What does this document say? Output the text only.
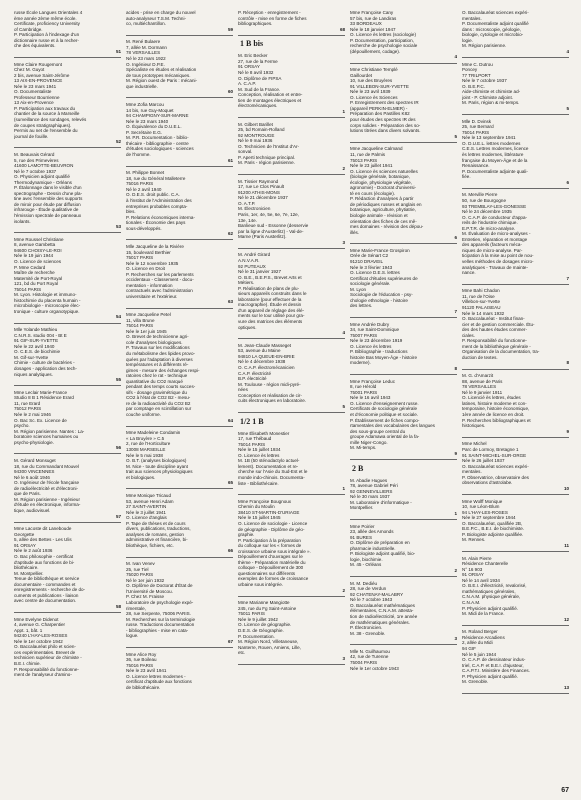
russe École Langues Orientales 4
ème année 2ème même école.
Certificate, proficiency University
of Cambridge.
P. Participation à l'indexage d'un
dictionnaire russe et à la recher-
che des équivalents.
51
Mme Claire Rougemont
Chez M. Guyot
2 bis, avenue Saint-Jérôme
13 AIX-EN-PROVENCE
Née le 23 mars 1941
O. Documentaliste
Professeur Bourrienne
13 Aix-en-Provence
P. Participation aux travaux du
chantier de la source à Marseille
(surveillance des sondages, relevés
de coupes stratigraphiques).
Permis au net de l'ensemble du
journal de fouille.
52
M. Beauvais Gérard
5, rue des Primevères
41600 LAMOTTE-BEUVRON
Né le 7 octobre 1937
O. Physicien adjoint qualifié
Thermodynamique - Orléans
P. Étalonnage dans le visible d'un
spectrographe - Dessin d'une pla-
tine avec l'ensemble des supports
de miroir pour étude par diffusion
infrarouge - Étude qualitative de
l'émission spectrale de panneaux
isolants.
53
Mme Roussel Christiane
8, avenue Gambetta
94600 CHOISY-LE-ROI
Née le 19 juin 1944
O. Licence de sciences
P. Mme Cedard
Maître de recherche
Maternité de Port-Royal
121, bd du Port Royal
75014 PARIS
M. Lyon. Histologie et immuno-
histochimie du placenta humain -
microbiologie - microscopie élec-
tronique - culture organotypique.
54
Mlle Yolande Mathieu
C.N.R.S. studio 004 - Bt E
91 GIF-SUR-YVETTE
Née le 22 avril 1940
O. C.E.S. de biochimie
M. Gif-sur-Yvette
Chimie - culture de bactéries -
dosages - application des tech-
niques analytiques.
55
Mme Leclair Marie-France
Studio 8 B 1 Résidence Erard
11, rue Erard
75012 PARIS
Née le 2 mai 1946
O. Bac Sc. Ex. Licence de
psycho.
M. Région parisienne. Nantes : La-
boratoire sciences humaines ou
psycho-physiologie.
56
M. Gérard Monsuget
18, rue du Commandant Mouvel
94300 VINCENNES
Né le 6 août 1946
O. Ingénieur de l'école française
de radioélectricité et d'électroni-
que de Paris.
M. Région parisienne - Ingénieur
d'étude en électronique, informa-
tique, audiovisuel.
57
Mme Lacoste dit Laneboude
Georgette
5, allée des Bettes - Les Ulis
91 ORSAY
Née le 2 août 1936
O. Bac philosophie - certificat
d'aptitude aux fonctions de bi-
bliothécaire.
M. Montpellier.
Tenue de bibliothèque et service
documentaire - commandes et
enregistrements - recherche de do-
cuments et publications - liaison
avec centre de documentation.
58
Mme Evelyne Didenot
4, avenue G. Charpentier
Appt. 1, bât. 1
94240 L'HAY-LES-ROSES
Née le 1er octobre 1942
O. Baccalauréat philo et scien-
ces expérimentales. Brevet de
technicien supérieur de chimiste -
B.E.I. chimie.
P. Responsabilité du fonctionne-
ment de l'analyseur d'amino-
acides - prise en charge du nouvel
auto-analyseur T.S.M. Techni-
co, multiéchantillon.
59
M. René Bulaere
7, allée M. Dormann
78 VERSAILLES
Né le 23 mars 1922
O. Ingénieur D.P.E.
Spécialiste en études et réalisation
de tous prototypes mécaniques.
M. Région ouest de Paris : mécani-
que industrielle.
60
Mme Zofia Marcou
14 bis, rue Guy-Moquet
94 CHAMPIGNY-SUR-MARNE
Née le 23 mars 1940
O. Équivalence du D.U.E.L.
P. Secrétaire E.G.
M. P.R. Documentation - biblio-
thécaire - bibliographie - centre
d'études sociologiques - sciences
de l'homme.
61
M. Philippe Bonnet
18, rue du Général Malleterre
75016 PARIS
Né le 2 avril 1940
O. D.E.S. droit public. C.A.
à l'institut de l'Administration des
entreprises probables compta-
bles.
P. Relations économiques interna-
tionales - Économie des pays
sous-développés.
62
Mlle Jacqueline de la Rivière
15, boulevard Berthier
75017 PARIS
Née le 12 novembre 1935
O. Licence en Droit
P. Recherches sur les parlements
occidentaux - Classement - docu-
mentation - information
contractuels avec l'administration
universitaire et l'extérieur.
63
Mme Jacqueline Petel
11, villa Brune
75014 PARIS
Née le 1er juin 1945
O. Brevet de technicienne agri-
cole d'analyses biologiques.
P. Travaux sur les modifications
du métabolisme des lipides provo-
quées par l'adaptation à diverses
températures et à différents ré-
gimes - mesure des échanges respi-
ratoires chez le rat - technique
quantitative du CO2 marqué
pendant des temps courts succes-
sifs - dosage gravimétrique du
CO2 à l'état de CO2 B2 - mesu-
re de la radioactivité du CO2 B2
par comptage en scintillation sur
couche uniforme.
64
Mme Madeleine Condamin
« La Bruyère » C.5
2, rue de l'Horticulture
13008 MARSEILLE
Née le 5 mai 1938
O. B.T. (analyses biologiques)
M. Nice - toute discipline ayant
trait aux sciences physiologiques
et biologiques.
65
Mme Monique Tricaud
53, avenue Henri Adam
27 SAINT-AVERTIN
Née le 3 juillet 1941
O. Licence d'anglais
P. Tape de thèses et de cours
divers, publications, traductions,
analyses de romans, gestion
administrative et financière, bi-
bliothèque, fichiers, etc.
66
M. Ivan Venev
25, rue Tiel
75020 PARIS
Né le 1er juin 1932
O. Diplôme de Doctorat d'État de
l'Université de Moscou.
P. Chez M. Fraisse
Laboratoire de psychologie expé-
rimentale,
28, rue Serpente, 75006 PARIS.
M. Recherches sur la terminologie
russe. Traductions documentation
- bibliographies - mise en cata-
logue.
67
Mme Alice Roy
36, rue Boileau
75016 PARIS
Née le 23 avril 1941
O. Licence lettres modernes -
certificat d'aptitude aux fonctions
de bibliothécaire.
P. Réception - enregistrement -
contrôle - mise en forme de fiches
bibliographiques.
68
1 B bis
M. Eric Becker
27, rue de la Ferme
91 ORSAY
Né le 8 avril 1932
O. Diplôme de FIPSA
A. C.A.P.
M. Sud de la France.
Conception, réalisation et entre-
tien de montages électriques et
électromécaniques.
1
M. Gilbert Barillet
25, bd Romain-Rolland
92 MONTROUGE
Né le 9 mai 1936
O. Technicien de l'Institut d'Ar-
sonval.
P. Aperti technique principal.
M. Paris - région parisienne.
2
M. Tissier Raymond
17, rue Le Clos Pinault
91200 ATHIS-MONS
Né le 21 décembre 1937
O. A.T.P.
M. Électronicien
Paris, 1er, 4e, 5e, 6e, 7e, 12e,
13e, 14e.
Banlieue sud - Essonne (desservie
par la ligne d'Austerlitz) - Val-de-
Marne (Paris Austerlitz).
3
M. André Girard
A.N.V.A.R.
92 PUTEAUX
Né le 31 janvier 1927
O. B.E., B.E.P.S., Brevet Arts et
Métiers.
P. Réalisation de plans de plu-
sieurs appareils construits dans le
laboratoire (pour effectuer de la
macrographie). Étude et dessin
d'un appareil de réglage des élé-
ments sur le tour utilisé pour gra-
vure des matrices des éléments
optiques.
4
M. Jean-Claude Masseget
53, avenue du Maine
94810 LA QUEUE-EN-BRIE
Né le 4 décembre 1938
O. C.A.P. électromécanicien
C.A.P. électricité
B.P. électricité
M. Toulouse - région midi-pyré-
nées
Conception et réalisation de cir-
cuits électroniques en laboratoire.
5
1/2 1 B
Mme Élisabeth Monestier
17, rue Thébaud
75014 PARIS
Née le 15 juillet 1934
O. Licence ès lettres
M. 1B (50 sténodactylo actuel-
lement). Documentation et re-
cherche sur l'Asie du Sud-Est et le
monde indo-chinois. Documenta-
liste - Bibliothécaire.
1
Mme Françoise Bougnoux
Chemin du Moulin
38410 ST-MARTIN-D'URIAGE
Née le 15 juillet 1945
O. Licence de sociologie - Licence
de géographie - Diplôme de géo-
graphie.
P. Participation à la préparation
du colloque sur les « formes de
croissance urbaine sous intégrale ».
Dépouillement d'ouvrages sur le
thème - Préparation matérielle du
colloque - Dépouillement de 300
questionnaires sur différents
exemples de formes de croissance
urbaine sous intégrée.
2
Mme Marianne Mangiotte
245, rue du Fg Saint-Antoine
75011 PARIS
Née le 9 juillet 1942
O. Licence de géographie.
D.E.S. de Géographie.
P. Documentation.
M. Région Nord, Villetaneuse,
Nanterre, Rouen, Amiens, Lille,
etc.
3
Mme Françoise Cany
57 bis, rue de Landiras
33 BORDEAUX
Née le 18 janvier 1947
O. Licence ès lettres (sociologie)
P. Documentation, participation,
recherche de psychologie sociale
(dépouillement, codage).
4
Mme Christiane Templé
Gaillourdet
10, rue des Bruyères
91 VILLEBON-SUR-YVETTE
Née le 23 avril 1939
O. Licence ès Sciences
P. Enregistrement des spectres IR
(appareil PERKIN-ELMER) -
Préparation des Pastilles K82
pour études des spectres IR des
corps solides - Préparation des so-
lutions titrées dans divers solvants.
5
Mme Jacqueline Calmand
11, rue de Palmis
75013 PARIS
Née le 23 juillet 1941
O. Licence ès sciences naturelles
(biologie générale, botanique,
écologie, physiologie végétale,
agronomie) - Doctorat d'universi-
té en cours (écologie).
P. Rédaction d'analyses à partir
de périodiques russes et anglais en
botanique, agriculture, phytiatrie,
biologie animale - révision et
orientation des fiches de ces mê-
mes domaines - révision des dépou-
illés.
6
Mme Marie-France Grospiron
Orée de Sénart C2
91210 DRAVEIL
Née le 3 février 1943
O. Licence D.E.S. lettres
Certificat d'études supérieures de
sociologie générale.
M. Lyon
Sociologie de l'éducation - psy-
chologie ethnologie - histoire
des lettres.
7
Mme Andrée Dubry
34, rue Saint-Dominique
75007 PARIS
Née le 23 décembre 1919
O. Licence ès lettres
P. Bibliographie - traductions
histoire Bas Moyen-Âge - histoire
moderne).
8
Mme Françoise Leduc
8, rue Hérold
75001 PARIS
Née le 16 avril 1943
O. Licence d'enseignement russe.
Certificats de sociologie générale
et d'économie politique et sociale.
P. Établissement de fiches compo-
rtamentales des vocabulaires des langues
des sous-groupe central du
groupe Adamawa oriental de la fa-
mille Niger-Congo.
M. Mi-temps.
9
2 B
M. Abadie Hugues
78, avenue Gabriel Péri
92 GENNEVILLIERS
Né le 30 mars 1937
M. Laboratoire d'informatique -
Montpellier.
1
Mme Poirier
23, allée des Amonds
91 BURES
O. Diplôme de préparation en
pharmacie industrielle.
P. Biologiste adjoint qualifié, bio-
logie, biochimie.
M. 45 - Orléans
2
M. M. Dediéu
28, rue de Verdun
92 CHATENAY-MALABRY
Né le 7 octobre 1943
O. Baccalauréat mathématiques
élémentaires, C.N.A.M. attesta-
tion de radioélectricité, 1re année
de mathématiques générales.
P. Électronicien.
M. 38 - Grenoble.
3
Mlle N. Guilhaumou
42, rue de Turenne
75004 PARIS
Née le 1er octobre 1943
O. Baccalauréat sciences expéri-
mentales.
P. Documentaliste adjoint qualifié
dans : microscopie, géologie,
biologie, cytologie et microbio-
logie.
M. Région parisienne.
4
Mme C. Dutrou
Poncey
77 TRILPORT
Née le 7 octobre 1937
O. B.E.P.C.
Aide-chimiste et chimiste ad-
joint - P. Chimiste adjoint.
M. Paris, région & mi-temps.
5
Mlle D. Dvinsk
25, rue Bernard
75014 PARIS
Née le 13 septembre 1941
O. D.U.E.L. lettres modernes
C.E.S. Lettres modernes, licence
ès lettres modernes, littérature
française du Moyen-Âge et de la
Renaissance.
P. Documentaliste adjointe quali-
fiée.
6
M. Merville Pierre
50, rue de Bourgogne
93 TREMBLAY-LES-GONESSE
Né le 24 décembre 1935
O. C.A.P. de conducteur d'appa-
reils de l'industrie chimique.
E.P.T.R. de micro-analyse.
M. Évaluation de micro-analyses -
Entretien, réparation et montage
des appareils (facteurs méca-
niques de micro-analyse. Par-
ticipation à la mise au point de nou-
velles méthodes de dosages micro-
analytiques - Travaux de mainte-
nance.
7
Mme Bahi Chadon
11, rue de l'Oise
Villebon-sur-Yvette
91120 PALAISEAU
Née le 14 mars 1932
O. Baccalauréat - Institut finan-
cier et de gestion commerciale. Étu-
des des hautes études commer-
ciales.
P. Responsabilité du fonctionne-
ment de la bibliothèque générale -
Organisation de la documentation, tra-
duction de textes.
8
M. G. d'Amarzit
88, avenue de Paris
78 VERSAILLES
Né le 9 janvier 1911
O. Licencié ès lettres, études
latines, histoire moderne et con-
temporaine, histoire économique,
1ère année de licence en droit.
P. Recherches bibliographiques et
historiques.
9
Mme Michel
Parc de Lormoy, Bretagne 1
91 SAINT-MICHEL-SUR-ORGE
Née le 26 juillet 1937
O. Baccalauréat sciences expéri-
mentales.
P. Observatrice, observatoire des
observations d'astrolabe.
10
Mme Wolff Monique
10, rue Léon-Blum
94 L'HAY-LES-ROSES
Née le 27 septembre 1944
O. Baccalauréat, qualifiée 2B,
B.E.P.C., B.E.I. de biochimiste.
P. Biologiste adjointe qualifiée.
M. Rennes.
11
M. Alain Pierre
Résidence Chanterelle
N° 16 903
91 ORSAY
Né le 14 avril 1934
O. B.E.I. d'électricité, revalorisé,
mathématiques générales,
C.N.A.M. physique générale,
C.N.A.M.
P. Physicien adjoint qualifié.
M. Midi de la France.
12
M. Roland Berger
Résidence Arcadiens
2, allée du Midi
94 GIF
Né le 5 juin 1944
O. C.A.P. de dessinateur indus-
triel, C.A.P. et B.E.I. d'ajusteur,
C.A.P.T.I. Ministère des Finances.
P. Physicien adjoint qualifié.
M. Grenoble.
13
67
